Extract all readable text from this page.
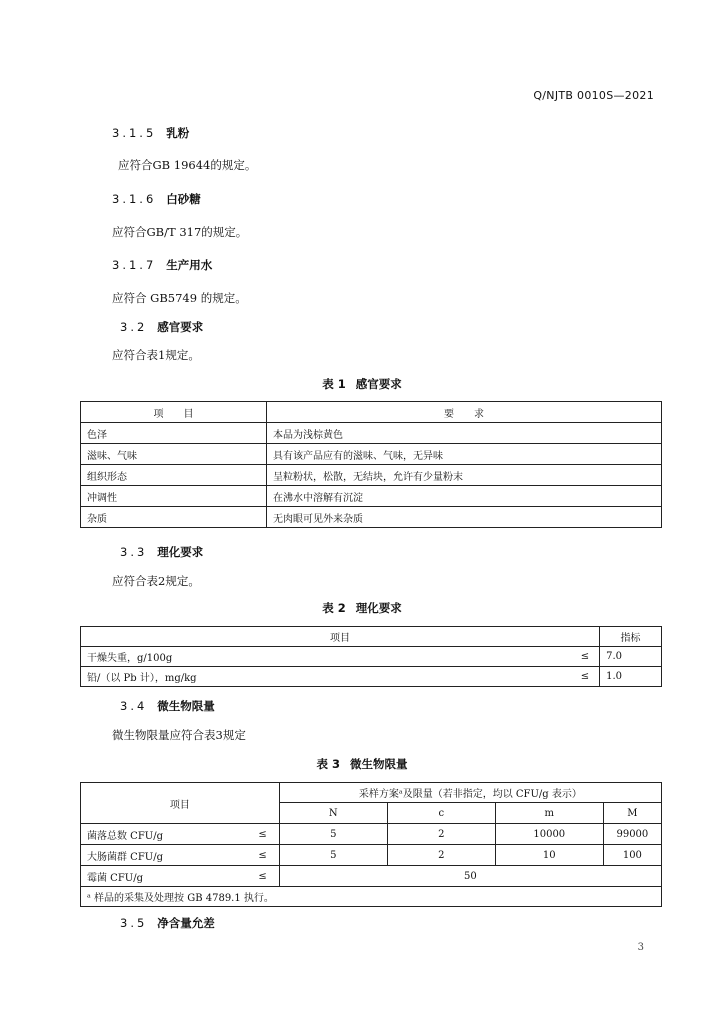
Q/NJTB 0010S—2021
3.1.5 乳粉
应符合GB 19644的规定。
3.1.6 白砂糖
应符合GB/T 317的规定。
3.1.7 生产用水
应符合 GB5749 的规定。
3.2 感官要求
应符合表1规定。
表 1 感官要求
项　　目	要　　求
色泽	本品为浅棕黄色
滋味、气味	具有该产品应有的滋味、气味，无异味
组织形态	呈粒粉状，松散，无结块，允许有少量粉末
冲调性	在沸水中溶解有沉淀
杂质	无肉眼可见外来杂质
3.3 理化要求
应符合表2规定。
表 2 理化要求
项目		指标
干燥失重，g/100g	≤	7.0
铅/（以 Pb 计），mg/kg	≤	1.0
3.4 微生物限量
微生物限量应符合表3规定
表 3 微生物限量
项目		采样方案ᵃ及限量（若非指定，均以 CFU/g 表示）			
		N	c	m	M
菌落总数 CFU/g	≤	5	2	10000	99000
大肠菌群 CFU/g	≤	5	2	10	100
霉菌 CFU/g	≤	50			
ᵃ 样品的采集及处理按 GB 4789.1 执行。					
3.5 净含量允差
3
